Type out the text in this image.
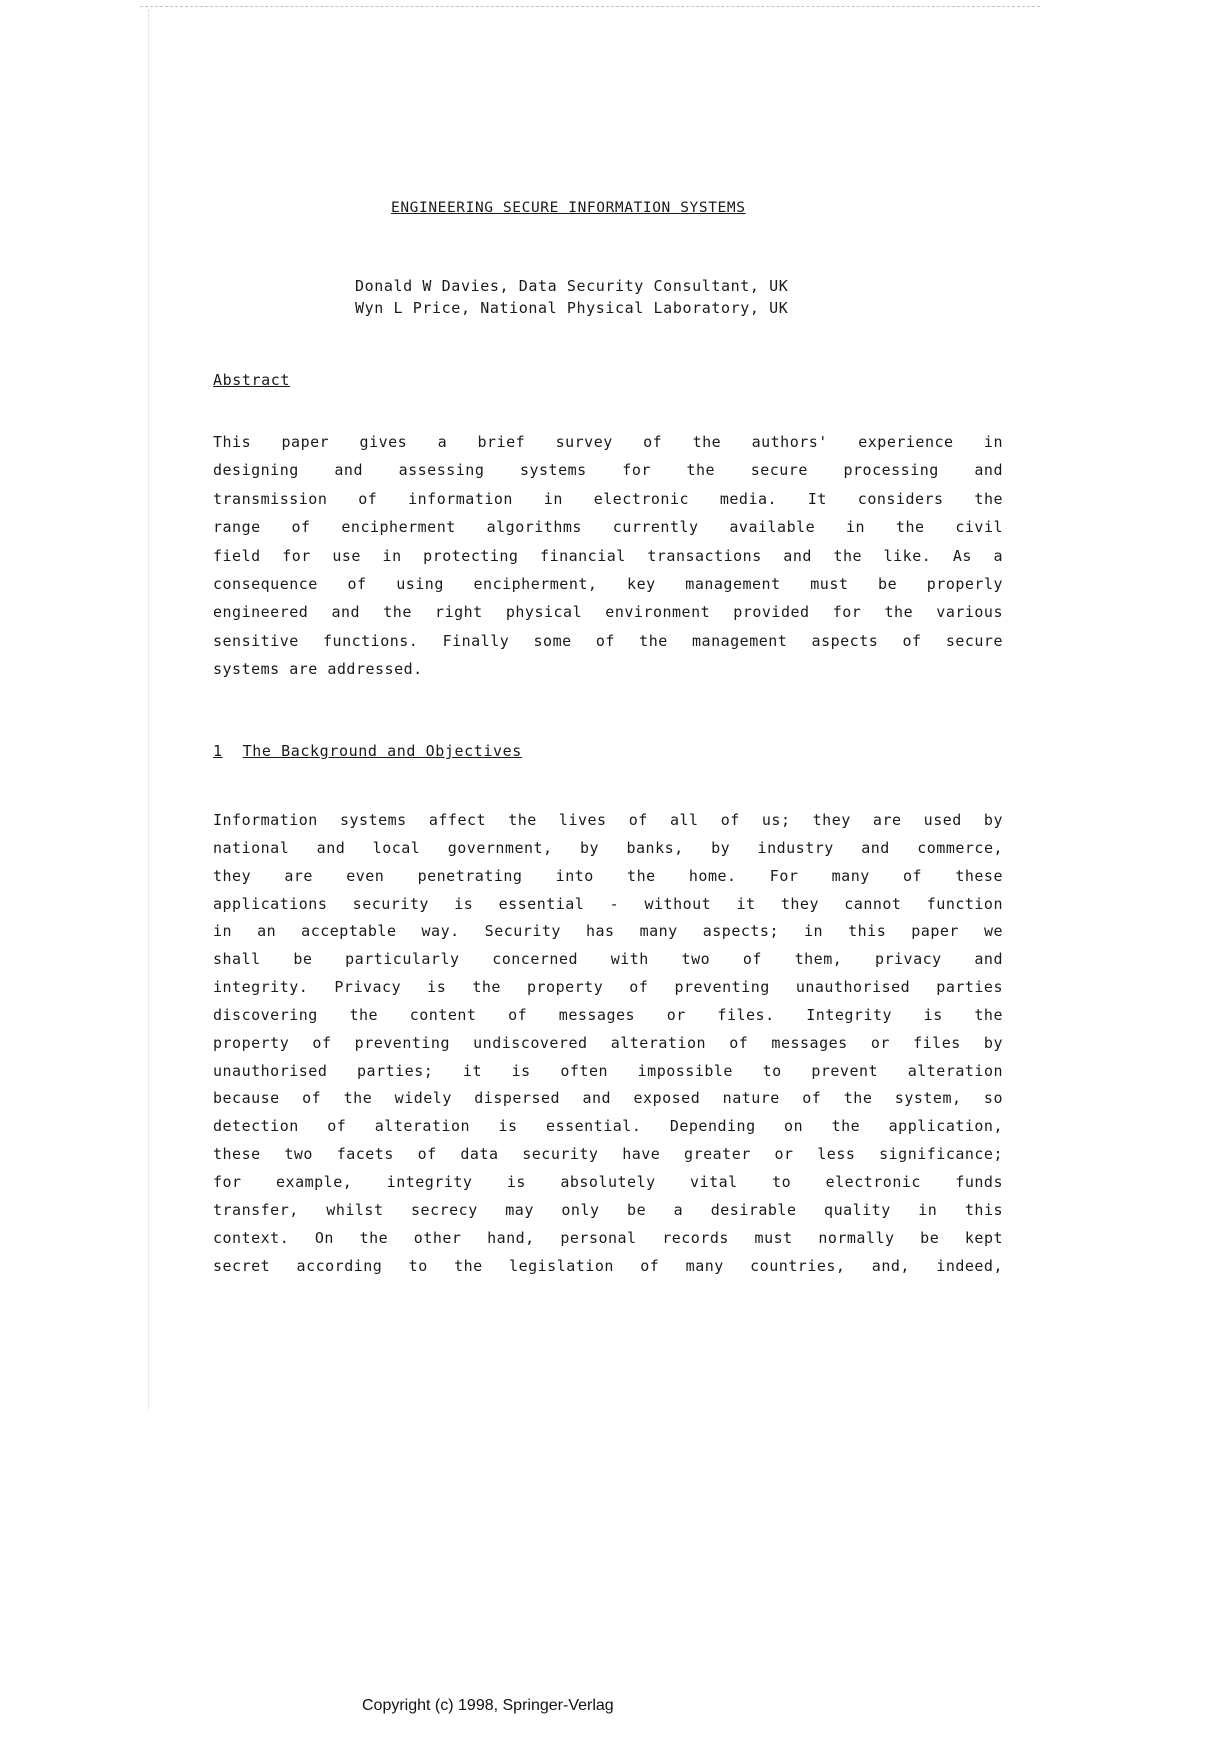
ENGINEERING SECURE INFORMATION SYSTEMS
Donald W Davies, Data Security Consultant, UK
Wyn L Price, National Physical Laboratory, UK
Abstract
This paper gives a brief survey of the authors' experience in
designing and assessing systems for the secure processing and
transmission of information in electronic media. It considers the
range of encipherment algorithms currently available in the civil
field for use in protecting financial transactions and the like. As a
consequence of using encipherment, key management must be properly
engineered and the right physical environment provided for the various
sensitive functions. Finally some of the management aspects of secure
systems are addressed.
1 The Background and Objectives
Information systems affect the lives of all of us; they are used by
national and local government, by banks, by industry and commerce,
they are even penetrating into the home. For many of these
applications security is essential - without it they cannot function
in an acceptable way. Security has many aspects; in this paper we
shall be particularly concerned with two of them, privacy and
integrity. Privacy is the property of preventing unauthorised parties
discovering the content of messages or files. Integrity is the
property of preventing undiscovered alteration of messages or files by
unauthorised parties; it is often impossible to prevent alteration
because of the widely dispersed and exposed nature of the system, so
detection of alteration is essential. Depending on the application,
these two facets of data security have greater or less significance;
for example, integrity is absolutely vital to electronic funds
transfer, whilst secrecy may only be a desirable quality in this
context. On the other hand, personal records must normally be kept
secret according to the legislation of many countries, and, indeed,
Copyright (c) 1998, Springer-Verlag
